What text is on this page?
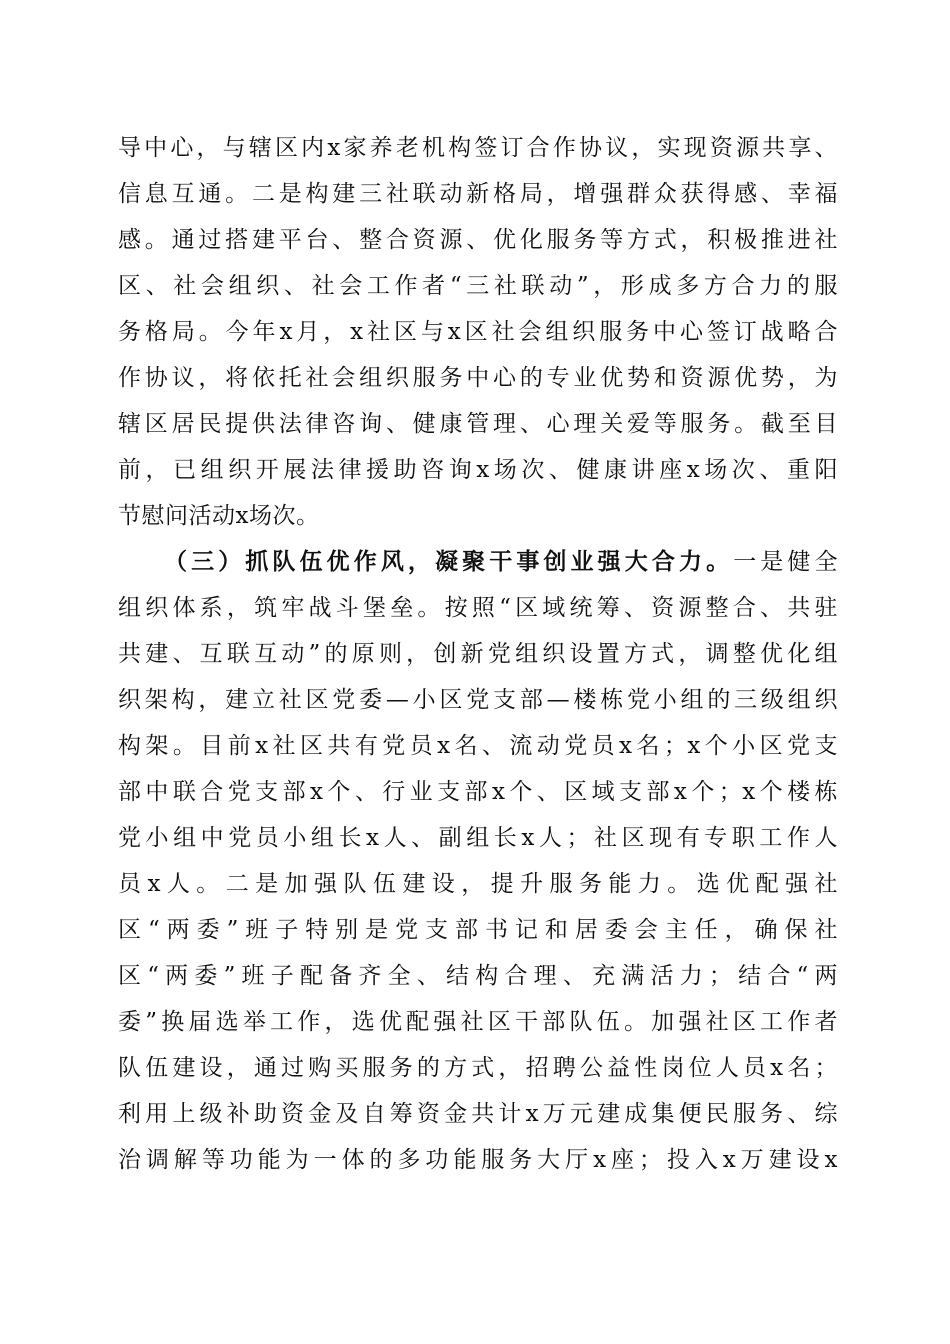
导中心，与辖区内x家养老机构签订合作协议，实现资源共享、
信息互通。二是构建三社联动新格局，增强群众获得感、幸福
感。通过搭建平台、整合资源、优化服务等方式，积极推进社
区、社会组织、社会工作者“三社联动”，形成多方合力的服
务格局。今年x月，x社区与x区社会组织服务中心签订战略合
作协议，将依托社会组织服务中心的专业优势和资源优势，为
辖区居民提供法律咨询、健康管理、心理关爱等服务。截至目
前，已组织开展法律援助咨询x场次、健康讲座x场次、重阳
节慰问活动x场次。
（三）抓队伍优作风，凝聚干事创业强大合力。一是健全
组织体系，筑牢战斗堡垒。按照“区域统筹、资源整合、共驻
共建、互联互动”的原则，创新党组织设置方式，调整优化组
织架构，建立社区党委—小区党支部—楼栋党小组的三级组织
构架。目前x社区共有党员x名、流动党员x名；x个小区党支
部中联合党支部x个、行业支部x个、区域支部x个；x个楼栋
党小组中党员小组长x人、副组长x人；社区现有专职工作人
员x人。二是加强队伍建设，提升服务能力。选优配强社
区“两委”班子特别是党支部书记和居委会主任，确保社
区“两委”班子配备齐全、结构合理、充满活力；结合“两
委”换届选举工作，选优配强社区干部队伍。加强社区工作者
队伍建设，通过购买服务的方式，招聘公益性岗位人员x名；
利用上级补助资金及自筹资金共计x万元建成集便民服务、综
治调解等功能为一体的多功能服务大厅x座；投入x万建设x
